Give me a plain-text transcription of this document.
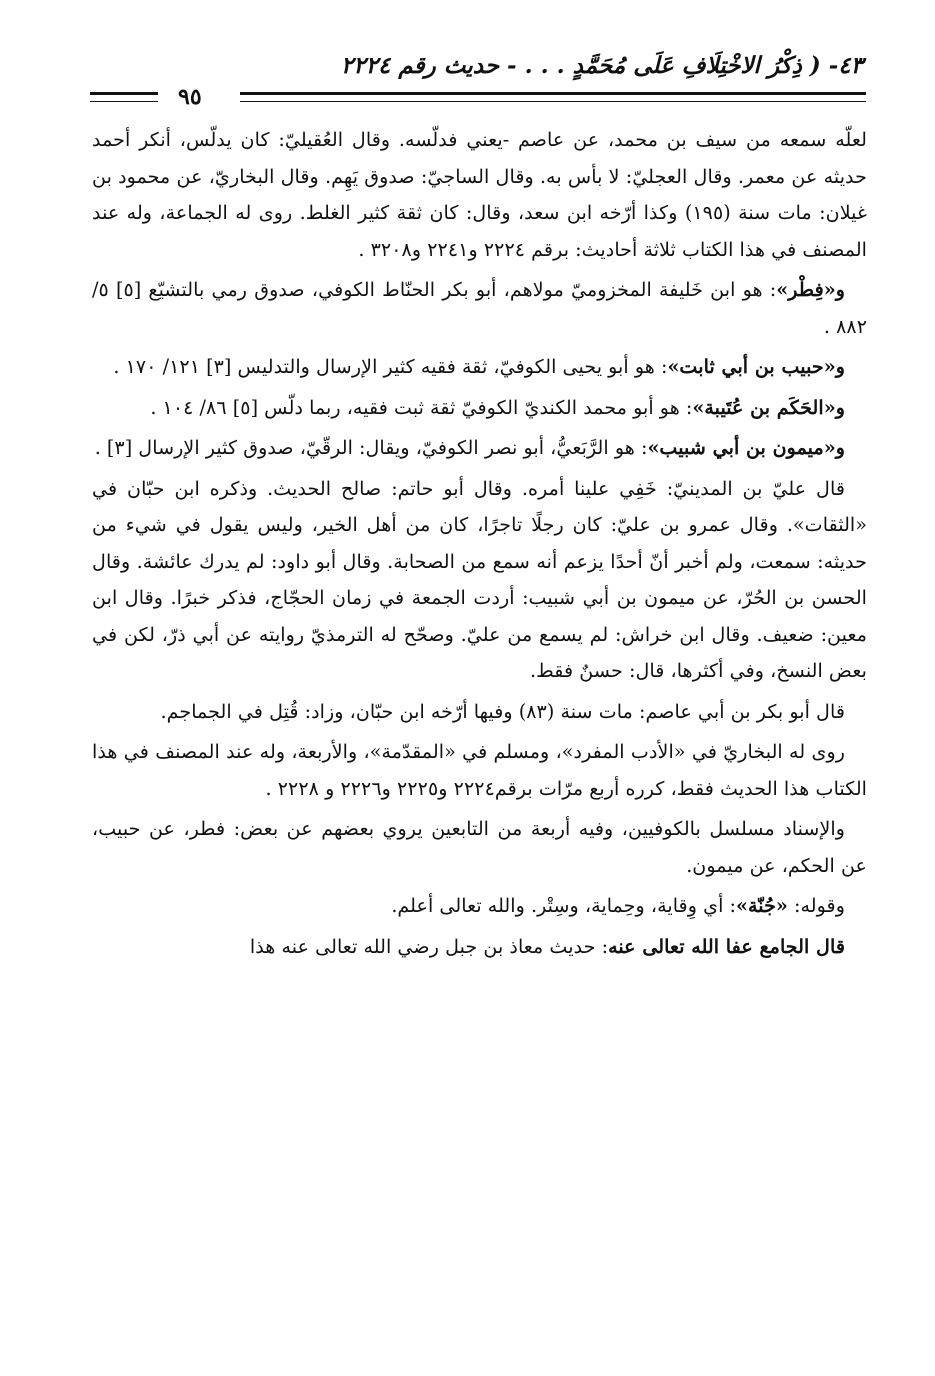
٤٣- ( ذِكْرُ الاخْتِلَافِ عَلَى مُحَمَّدٍ . . . - حديث رقم ٢٢٢٤
٩٥

لعلّه سمعه من سيف بن محمد، عن عاصم -يعني فدلّسه. وقال العُقيليّ: كان يدلّس، أنكر أحمد حديثه عن معمر. وقال العجليّ: لا بأس به. وقال الساجيّ: صدوق يَهِم. وقال البخاريّ، عن محمود بن غيلان: مات سنة (١٩٥) وكذا أرّخه ابن سعد، وقال: كان ثقة كثير الغلط. روى له الجماعة، وله عند المصنف في هذا الكتاب ثلاثة أحاديث: برقم ٢٢٢٤ و٢٢٤١ و٣٢٠٨ .

و«فِطْر»: هو ابن خَليفة المخزوميّ مولاهم، أبو بكر الحنّاط الكوفي، صدوق رمي بالتشيّع [٥] ٥/ ٨٨٢ .

و«حبيب بن أبي ثابت»: هو أبو يحيى الكوفيّ، ثقة فقيه كثير الإرسال والتدليس [٣] ١٢١/ ١٧٠ .

و«الحَكَم بن عُتَيبة»: هو أبو محمد الكنديّ الكوفيّ ثقة ثبت فقيه، ربما دلّس [٥] ٨٦/ ١٠٤ .

و«ميمون بن أبي شبيب»: هو الرَّبَعيُّ، أبو نصر الكوفيّ، ويقال: الرقّيّ، صدوق كثير الإرسال [٣] .

قال عليّ بن المدينيّ: خَفِي علينا أمره. وقال أبو حاتم: صالح الحديث. وذكره ابن حبّان في «الثقات». وقال عمرو بن عليّ: كان رجلًا تاجرًا، كان من أهل الخير، وليس يقول في شيء من حديثه: سمعت، ولم أخبر أنّ أحدًا يزعم أنه سمع من الصحابة. وقال أبو داود: لم يدرك عائشة. وقال الحسن بن الحُرّ، عن ميمون بن أبي شبيب: أردت الجمعة في زمان الحجّاج، فذكر خبرًا. وقال ابن معين: ضعيف. وقال ابن خراش: لم يسمع من عليّ. وصحّح له الترمذيّ روايته عن أبي ذرّ، لكن في بعض النسخ، وفي أكثرها، قال: حسنٌ فقط.

قال أبو بكر بن أبي عاصم: مات سنة (٨٣) وفيها أرّخه ابن حبّان، وزاد: قُتِل في الجماجم.

روى له البخاريّ في «الأدب المفرد»، ومسلم في «المقدّمة»، والأربعة، وله عند المصنف في هذا الكتاب هذا الحديث فقط، كرره أربع مرّات برقم٢٢٢٤ و٢٢٢٥ و٢٢٢٦ و ٢٢٢٨ .

والإسناد مسلسل بالكوفيين، وفيه أربعة من التابعين يروي بعضهم عن بعض: فطر، عن حبيب، عن الحكم، عن ميمون.

وقوله: «جُنّة»: أي وِقاية، وحِماية، وسِتْر. والله تعالى أعلم.

قال الجامع عفا الله تعالى عنه: حديث معاذ بن جبل رضي الله تعالى عنه هذا
